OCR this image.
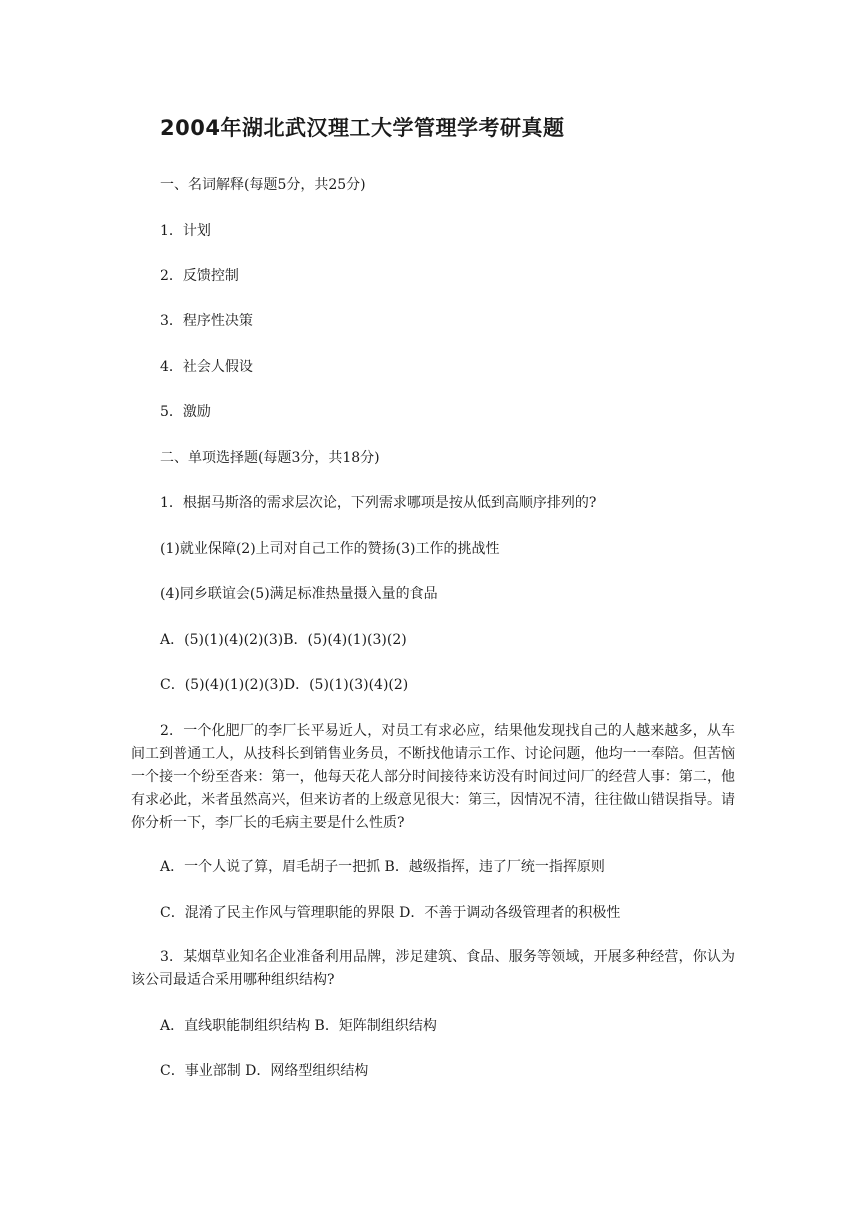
2004年湖北武汉理工大学管理学考研真题
一、名词解释(每题5分，共25分)
1．计划
2．反馈控制
3．程序性决策
4．社会人假设
5．激励
二、单项选择题(每题3分，共18分)
1．根据马斯洛的需求层次论，下列需求哪项是按从低到高顺序排列的?
(1)就业保障(2)上司对自己工作的赞扬(3)工作的挑战性
(4)同乡联谊会(5)满足标准热量摄入量的食品
A．(5)(1)(4)(2)(3)B．(5)(4)(1)(3)(2)
C．(5)(4)(1)(2)(3)D．(5)(1)(3)(4)(2)
2．一个化肥厂的李厂长平易近人，对员工有求必应，结果他发现找自己的人越来越多，从车间工到普通工人，从技科长到销售业务员，不断找他请示工作、讨论问题，他均一一奉陪。但苦恼一个接一个纷至沓来：第一，他每天花人部分时间接待来访没有时间过问厂的经营人事：第二，他有求必此，米者虽然高兴，但来访者的上级意见很大：第三，因情况不清，往往做山错误指导。请你分析一下，李厂长的毛病主要是什么性质?
A．一个人说了算，眉毛胡子一把抓 B．越级指挥，违了厂统一指挥原则
C．混淆了民主作风与管理职能的界限 D．不善于调动各级管理者的积极性
3．某烟草业知名企业准备利用品牌，涉足建筑、食品、服务等领域，开展多种经营，你认为该公司最适合采用哪种组织结构?
A．直线职能制组织结构 B．矩阵制组织结构
C．事业部制 D．网络型组织结构
